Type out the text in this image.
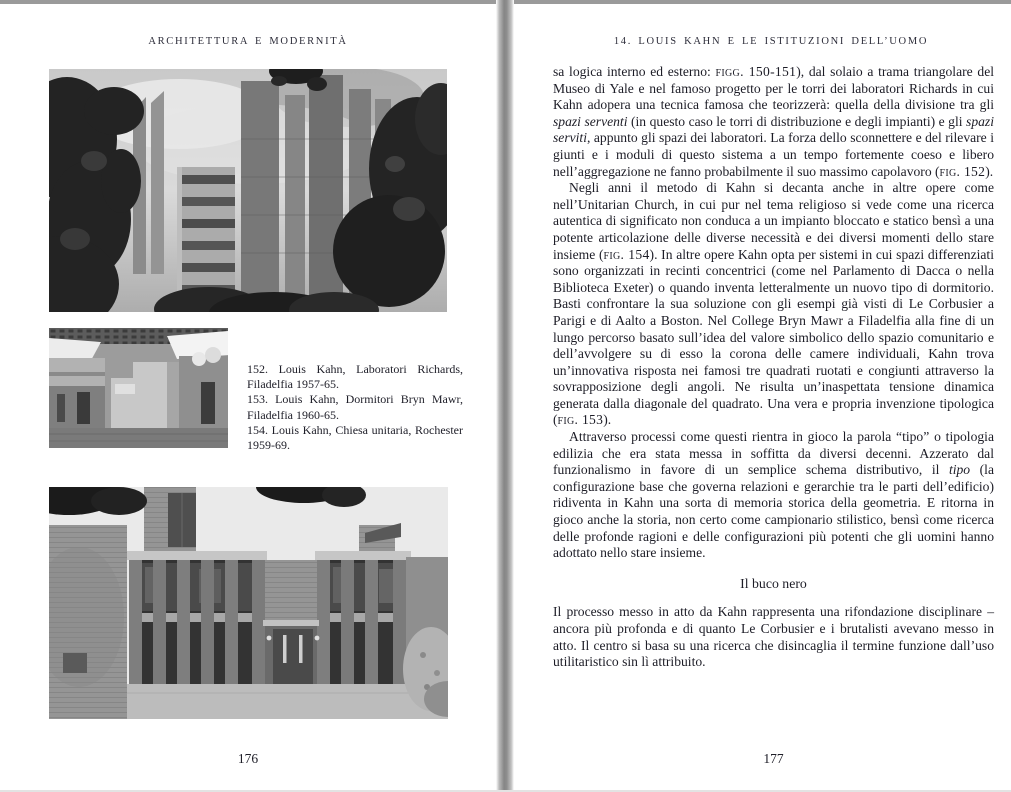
ARCHITETTURA E MODERNITÀ

152. Louis Kahn, Laboratori Richards, Filadelfia 1957-65.

153. Louis Kahn, Dormitori Bryn Mawr, Filadelfia 1960-65.

154. Louis Kahn, Chiesa unitaria, Rochester 1959-69.

176
14. LOUIS KAHN E LE ISTITUZIONI DELL’UOMO

sa logica interno ed esterno: figg. 150-151), dal solaio a trama triangolare del Museo di Yale e nel famoso progetto per le torri dei laboratori Richards in cui Kahn adopera una tecnica famosa che teorizzerà: quella della divisione tra gli spazi serventi (in questo caso le torri di distribuzione e degli impianti) e gli spazi serviti, appunto gli spazi dei laboratori. La forza dello sconnettere e del rilevare i giunti e i moduli di questo sistema a un tempo fortemente coeso e libero nell’aggregazione ne fanno probabilmente il suo massimo capolavoro (fig. 152).

Negli anni il metodo di Kahn si decanta anche in altre opere come nell’Unitarian Church, in cui pur nel tema religioso si vede come una ricerca autentica di significato non conduca a un impianto bloccato e statico bensì a una potente articolazione delle diverse necessità e dei diversi momenti dello stare insieme (fig. 154). In altre opere Kahn opta per sistemi in cui spazi differenziati sono organizzati in recinti concentrici (come nel Parlamento di Dacca o nella Biblioteca Exeter) o quando inventa letteralmente un nuovo tipo di dormitorio. Basti confrontare la sua soluzione con gli esempi già visti di Le Corbusier a Parigi e di Aalto a Boston. Nel College Bryn Mawr a Filadelfia alla fine di un lungo percorso basato sull’idea del valore simbolico dello spazio comunitario e dell’avvolgere su di esso la corona delle camere individuali, Kahn trova un’innovativa risposta nei famosi tre quadrati ruotati e congiunti attraverso la sovrapposizione degli angoli. Ne risulta un’inaspettata tensione dinamica generata dalla diagonale del quadrato. Una vera e propria invenzione tipologica (fig. 153).

Attraverso processi come questi rientra in gioco la parola “tipo” o tipologia edilizia che era stata messa in soffitta da diversi decenni. Azzerato dal funzionalismo in favore di un semplice schema distributivo, il tipo (la configurazione base che governa relazioni e gerarchie tra le parti dell’edificio) ridiventa in Kahn una sorta di memoria storica della geometria. E ritorna in gioco anche la storia, non certo come campionario stilistico, bensì come ricerca delle profonde ragioni e delle configurazioni più potenti che gli uomini hanno adottato nello stare insieme.

Il buco nero

Il processo messo in atto da Kahn rappresenta una rifondazione disciplinare – ancora più profonda e di quanto Le Corbusier e i brutalisti avevano messo in atto. Il centro si basa su una ricerca che disincaglia il termine funzione dall’uso utilitaristico sin lì attribuito.

177
